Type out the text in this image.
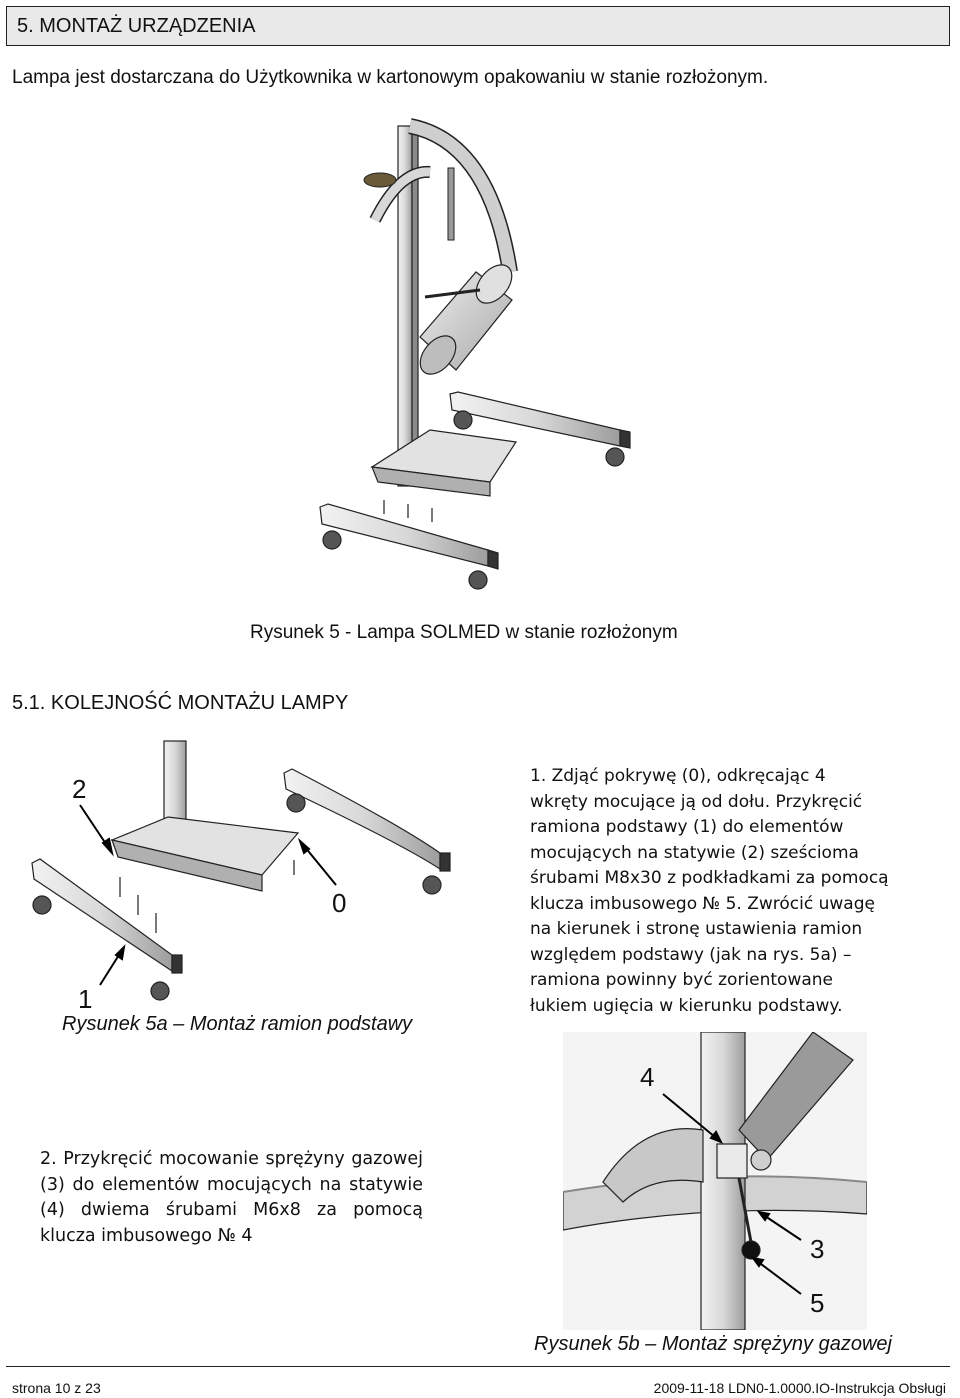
5. MONTAŻ URZĄDZENIA
Lampa jest dostarczana do Użytkownika w kartonowym opakowaniu w stanie rozłożonym.
Rysunek 5 - Lampa SOLMED w stanie rozłożonym
5.1. KOLEJNOŚĆ MONTAŻU LAMPY
2
0
1
Rysunek 5a – Montaż ramion podstawy
1. Zdjąć pokrywę (0), odkręcając 4
wkręty mocujące ją od dołu. Przykręcić
ramiona podstawy (1) do elementów
mocujących na statywie (2) sześcioma
śrubami M8x30 z podkładkami za pomocą
klucza imbusowego № 5. Zwrócić uwagę
na kierunek i stronę ustawienia ramion
względem podstawy (jak na rys. 5a) –
ramiona powinny być zorientowane
łukiem ugięcia w kierunku podstawy.
2. Przykręcić mocowanie sprężyny gazowej (3) do elementów mocujących na statywie (4) dwiema śrubami M6x8 za pomocą klucza imbusowego № 4
4
3
5
Rysunek 5b – Montaż sprężyny gazowej
strona 10 z 23	2009-11-18 LDN0-1.0000.IO-Instrukcja Obsługi
